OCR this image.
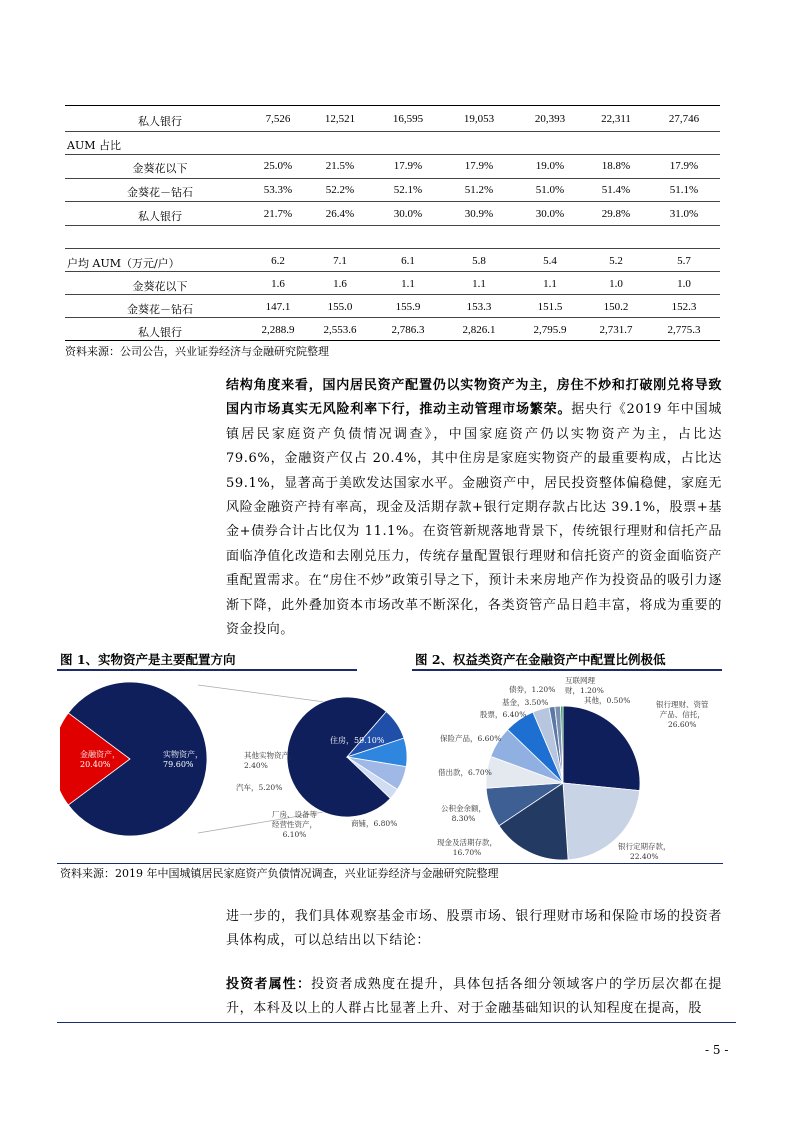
私人银行	7,526	12,521	16,595	19,053	20,393	22,311	27,746
AUM 占比
金葵花以下	25.0%	21.5%	17.9%	17.9%	19.0%	18.8%	17.9%
金葵花－钻石	53.3%	52.2%	52.1%	51.2%	51.0%	51.4%	51.1%
私人银行	21.7%	26.4%	30.0%	30.9%	30.0%	29.8%	31.0%
户均 AUM（万元/户）	6.2	7.1	6.1	5.8	5.4	5.2	5.7
金葵花以下	1.6	1.6	1.1	1.1	1.1	1.0	1.0
金葵花－钻石	147.1	155.0	155.9	153.3	151.5	150.2	152.3
私人银行	2,288.9	2,553.6	2,786.3	2,826.1	2,795.9	2,731.7	2,775.3
资料来源：公司公告，兴业证券经济与金融研究院整理
结构角度来看，国内居民资产配置仍以实物资产为主，房住不炒和打破刚兑将导致国内市场真实无风险利率下行，推动主动管理市场繁荣。据央行《2019 年中国城镇居民家庭资产负债情况调查》，中国家庭资产仍以实物资产为主，占比达 79.6%，金融资产仅占 20.4%，其中住房是家庭实物资产的最重要构成，占比达 59.1%，显著高于美欧发达国家水平。金融资产中，居民投资整体偏稳健，家庭无风险金融资产持有率高，现金及活期存款+银行定期存款占比达 39.1%，股票+基金+债券合计占比仅为 11.1%。在资管新规落地背景下，传统银行理财和信托产品面临净值化改造和去刚兑压力，传统存量配置银行理财和信托资产的资金面临资产重配置需求。在“房住不炒”政策引导之下，预计未来房地产作为投资品的吸引力逐渐下降，此外叠加资本市场改革不断深化，各类资管产品日趋丰富，将成为重要的资金投向。
图 1、实物资产是主要配置方向	图 2、权益类资产在金融资产中配置比例极低
金融资产，
20.40%
实物资产，
79.60%
住房，59.10%
其他实物资产，
2.40%
汽车，5.20%
厂房、设备等
经营性资产，
6.10%
商铺，6.80%
银行理财、资管
产品、信托，
26.60%
银行定期存款，
22.40%
现金及活期存款，
16.70%
公积金余额，
8.30%
借出款，6.70%
保险产品，6.60%
股票，6.40%
基金，3.50%
债券，1.20%
互联网理
财，1.20%
其他，0.50%
资料来源：2019 年中国城镇居民家庭资产负债情况调查，兴业证券经济与金融研究院整理
进一步的，我们具体观察基金市场、股票市场、银行理财市场和保险市场的投资者具体构成，可以总结出以下结论：
投资者属性：投资者成熟度在提升，具体包括各细分领域客户的学历层次都在提升，本科及以上的人群占比显著上升、对于金融基础知识的认知程度在提高，股
- 5 -
